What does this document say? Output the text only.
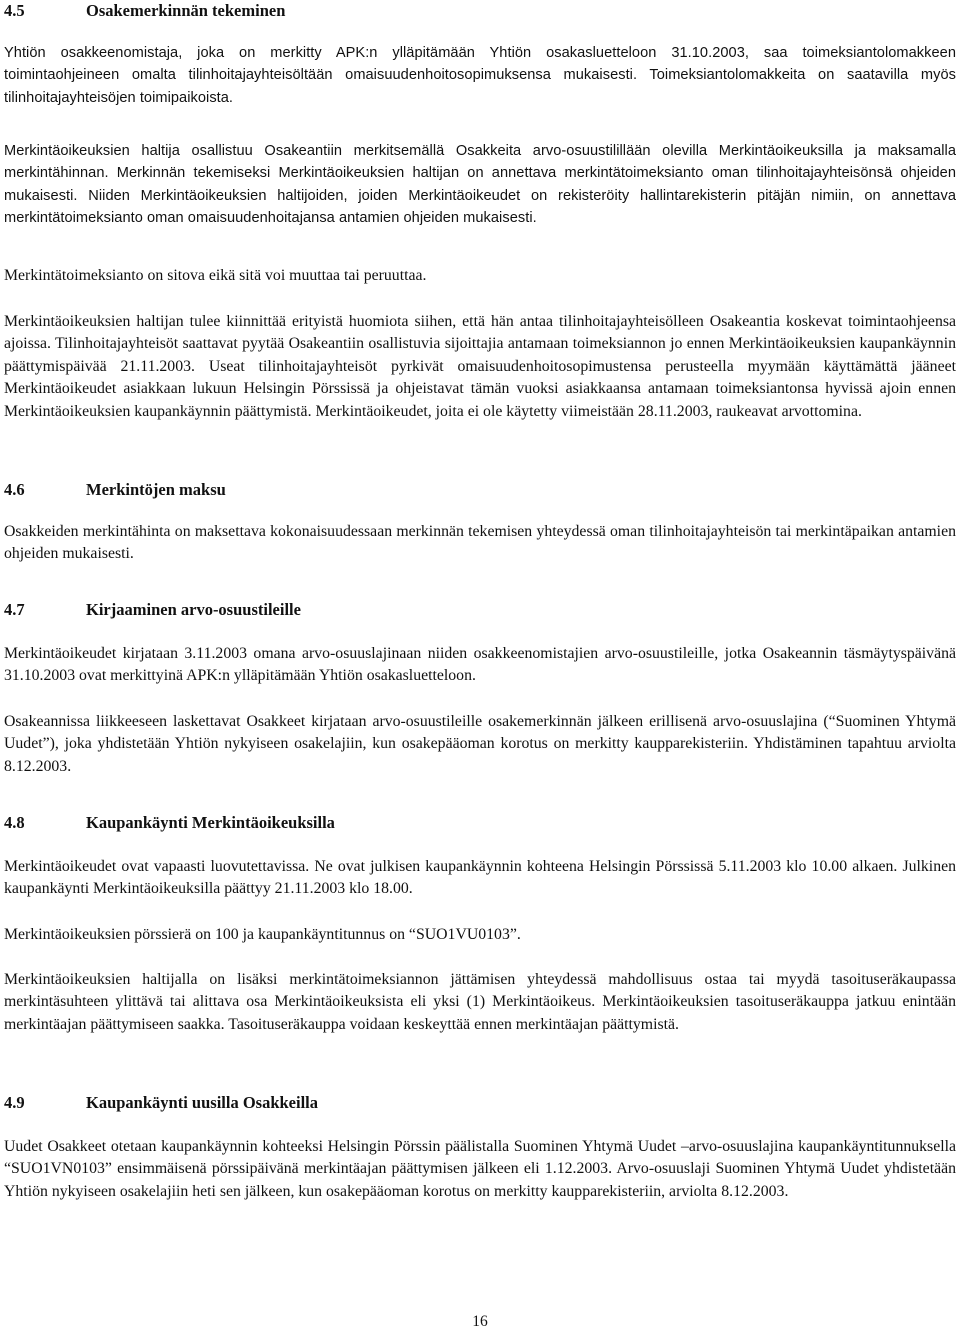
4.5	Osakemerkinnän tekeminen
Yhtiön osakkeenomistaja, joka on merkitty APK:n ylläpitämään Yhtiön osakasluetteloon 31.10.2003, saa toimeksiantolomakkeen toimintaohjeineen omalta tilinhoitajayhteisöltään omaisuudenhoitosopimuksensa mukaisesti. Toimeksiantolomakkeita on saatavilla myös tilinhoitajayhteisöjen toimipaikoista.
Merkintäoikeuksien haltija osallistuu Osakeantiin merkitsemällä Osakkeita arvo-osuustilillään olevilla Merkintäoikeuksilla ja maksamalla merkintähinnan. Merkinnän tekemiseksi Merkintäoikeuksien haltijan on annettava merkintätoimeksianto oman tilinhoitajayhteisönsä ohjeiden mukaisesti. Niiden Merkintäoikeuksien haltijoiden, joiden Merkintäoikeudet on rekisteröity hallintarekisterin pitäjän nimiin, on annettava merkintätoimeksianto oman omaisuudenhoitajansa antamien ohjeiden mukaisesti.
Merkintätoimeksianto on sitova eikä sitä voi muuttaa tai peruuttaa.
Merkintäoikeuksien haltijan tulee kiinnittää erityistä huomiota siihen, että hän antaa tilinhoitajayhteisölleen Osakeantia koskevat toimintaohjeensa ajoissa. Tilinhoitajayhteisöt saattavat pyytää Osakeantiin osallistuvia sijoittajia antamaan toimeksiannon jo ennen Merkintäoikeuksien kaupankäynnin päättymispäivää 21.11.2003. Useat tilinhoitajayhteisöt pyrkivät omaisuudenhoitosopimustensa perusteella myymään käyttämättä jääneet Merkintäoikeudet asiakkaan lukuun Helsingin Pörssissä ja ohjeistavat tämän vuoksi asiakkaansa antamaan toimeksiantonsa hyvissä ajoin ennen Merkintäoikeuksien kaupankäynnin päättymistä. Merkintäoikeudet, joita ei ole käytetty viimeistään 28.11.2003, raukeavat arvottomina.
4.6	Merkintöjen maksu
Osakkeiden merkintähinta on maksettava kokonaisuudessaan merkinnän tekemisen yhteydessä oman tilinhoitajayhteisön tai merkintäpaikan antamien ohjeiden mukaisesti.
4.7	Kirjaaminen arvo-osuustileille
Merkintäoikeudet kirjataan 3.11.2003 omana arvo-osuuslajinaan niiden osakkeenomistajien arvo-osuustileille, jotka Osakeannin täsmäytyspäivänä 31.10.2003 ovat merkittyinä APK:n ylläpitämään Yhtiön osakasluetteloon.
Osakeannissa liikkeeseen laskettavat Osakkeet kirjataan arvo-osuustileille osakemerkinnän jälkeen erillisenä arvo-osuuslajina (“Suominen Yhtymä Uudet”), joka yhdistetään Yhtiön nykyiseen osakelajiin, kun osakepääoman korotus on merkitty kaupparekisteriin. Yhdistäminen tapahtuu arviolta 8.12.2003.
4.8	Kaupankäynti Merkintäoikeuksilla
Merkintäoikeudet ovat vapaasti luovutettavissa. Ne ovat julkisen kaupankäynnin kohteena Helsingin Pörssissä 5.11.2003 klo 10.00 alkaen. Julkinen kaupankäynti Merkintäoikeuksilla päättyy 21.11.2003 klo 18.00.
Merkintäoikeuksien pörssierä on 100 ja kaupankäyntitunnus on “SUO1VU0103”.
Merkintäoikeuksien haltijalla on lisäksi merkintätoimeksiannon jättämisen yhteydessä mahdollisuus ostaa tai myydä tasoituseräkaupassa merkintäsuhteen ylittävä tai alittava osa Merkintäoikeuksista eli yksi (1) Merkintäoikeus. Merkintäoikeuksien tasoituseräkauppa jatkuu enintään merkintäajan päättymiseen saakka. Tasoituseräkauppa voidaan keskeyttää ennen merkintäajan päättymistä.
4.9	Kaupankäynti uusilla Osakkeilla
Uudet Osakkeet otetaan kaupankäynnin kohteeksi Helsingin Pörssin päälistalla Suominen Yhtymä Uudet –arvo-osuuslajina kaupankäyntitunnuksella “SUO1VN0103” ensimmäisenä pörssipäivänä merkintäajan päättymisen jälkeen eli 1.12.2003. Arvo-osuuslaji Suominen Yhtymä Uudet yhdistetään Yhtiön nykyiseen osakelajiin heti sen jälkeen, kun osakepääoman korotus on merkitty kaupparekisteriin, arviolta 8.12.2003.
16
